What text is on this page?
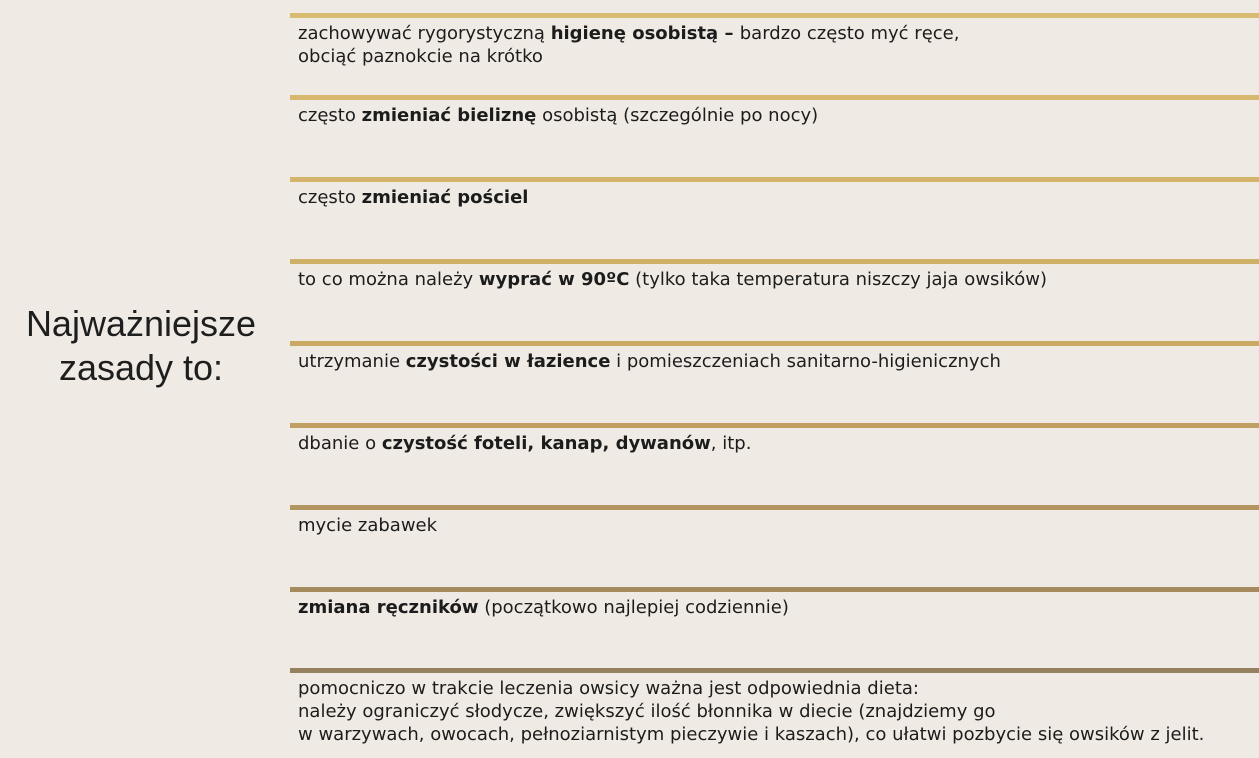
Najważniejsze
zasady to:
zachowywać rygorystyczną higienę osobistą – bardzo często myć ręce,
obciąć paznokcie na krótko
często zmieniać bieliznę osobistą (szczególnie po nocy)
często zmieniać pościel
to co można należy wyprać w 90ºC (tylko taka temperatura niszczy jaja owsików)
utrzymanie czystości w łazience i pomieszczeniach sanitarno-higienicznych
dbanie o czystość foteli, kanap, dywanów, itp.
mycie zabawek
zmiana ręczników (początkowo najlepiej codziennie)
pomocniczo w trakcie leczenia owsicy ważna jest odpowiednia dieta:
należy ograniczyć słodycze, zwiększyć ilość błonnika w diecie (znajdziemy go
w warzywach, owocach, pełnoziarnistym pieczywie i kaszach), co ułatwi pozbycie się owsików z jelit.
